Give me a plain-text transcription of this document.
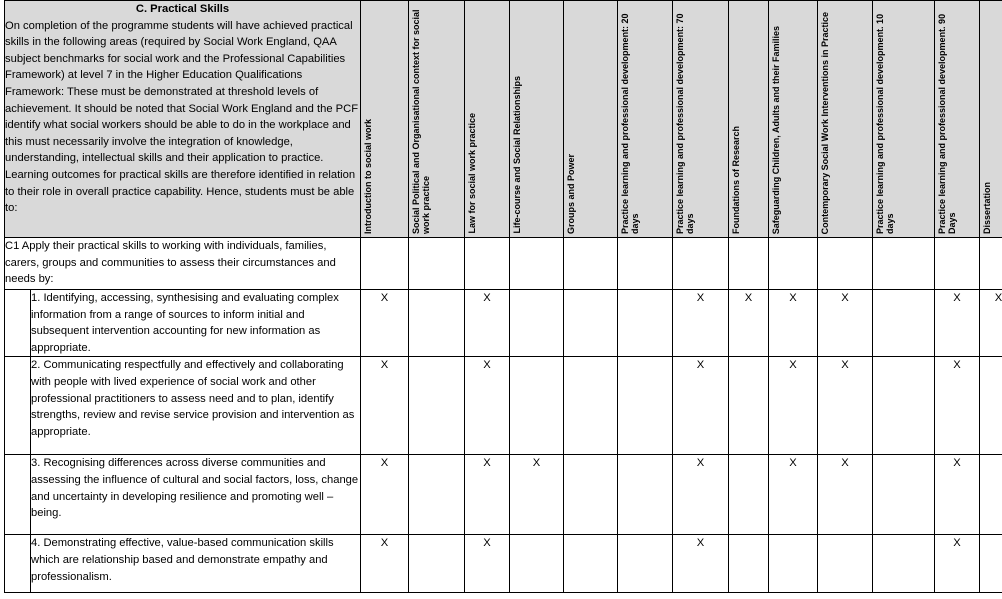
C. Practical Skills
On completion of the programme students will have achieved practical skills in the following areas (required by Social Work England, QAA subject benchmarks for social work and the Professional Capabilities Framework) at level 7 in the Higher Education Qualifications Framework: These must be demonstrated at threshold levels of achievement. It should be noted that Social Work England and the PCF identify what social workers should be able to do in the workplace and this must necessarily involve the integration of knowledge, understanding, intellectual skills and their application to practice. Learning outcomes for practical skills are therefore identified in relation to their role in overall practice capability. Hence, students must be able to:		Introduction to social work	Social Political and Organisational context for social work practice	Law for social work practice	Life-course and Social Relationships	Groups and Power	Practice learning and professional development: 20 days	Practice learning and professional development: 70 days	Foundations of Research	Safeguarding Children, Adults and their Families	Contemporary Social Work Interventions in Practice	Practice learning and professional development. 10 days	Practice learning and professional development. 90 Days	Dissertation

C1 Apply their practical skills to working with individuals, families, carers, groups and communities to assess their circumstances and needs by:														
	1. Identifying, accessing, synthesising and evaluating complex information from a range of sources to inform initial and subsequent intervention accounting for new information as appropriate.	X		X				X	X	X	X		X	X
	2. Communicating respectfully and effectively and collaborating with people with lived experience of social work and other professional practitioners to assess need and to plan, identify strengths, review and revise service provision and intervention as appropriate.	X		X				X		X	X		X	
	3. Recognising differences across diverse communities and assessing the influence of cultural and social factors, loss, change and uncertainty in developing resilience and promoting well – being.	X		X	X			X		X	X		X	
	4. Demonstrating effective, value-based communication skills which are relationship based and demonstrate empathy and professionalism.	X		X				X					X	
